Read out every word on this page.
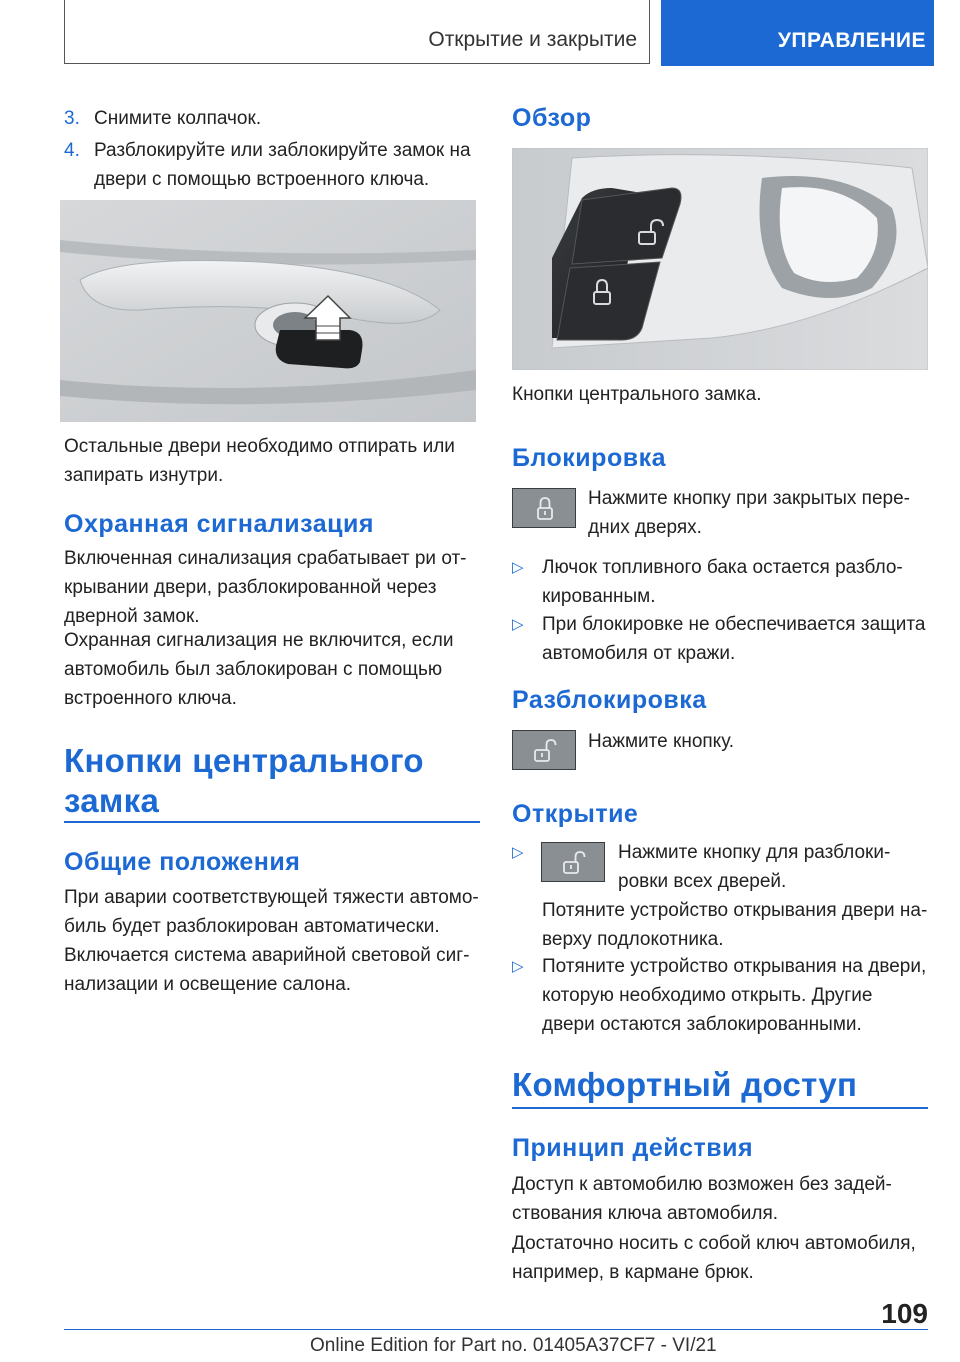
Открытие и закрытие	УПРАВЛЕНИЕ
3. Снимите колпачок.
4. Разблокируйте или заблокируйте замок на двери с помощью встроенного ключа.
Остальные двери необходимо отпирать или запирать изнутри.
Охранная сигнализация
Включенная синализация срабатывает ри от-крывании двери, разблокированной через дверной замок.
Охранная сигнализация не включится, если автомобиль был заблокирован с помощью встроенного ключа.
Кнопки центрального
замка
Общие положения
При аварии соответствующей тяжести автомо-биль будет разблокирован автоматически. Включается система аварийной световой сиг-нализации и освещение салона.
Обзор
Кнопки центрального замка.
Блокировка
Нажмите кнопку при закрытых пере-дних дверях.
▷ Лючок топливного бака остается разбло-кированным.
▷ При блокировке не обеспечивается защита автомобиля от кражи.
Разблокировка
Нажмите кнопку.
Открытие
▷	Нажмите кнопку для разблоки-ровки всех дверей.
Потяните устройство открывания двери на-верху подлокотника.
▷ Потяните устройство открывания на двери, которую необходимо открыть. Другие двери остаются заблокированными.
Комфортный доступ
Принцип действия
Доступ к автомобилю возможен без задей-ствования ключа автомобиля.
Достаточно носить с собой ключ автомобиля, например, в кармане брюк.
109
Online Edition for Part no. 01405A37CF7 - VI/21
